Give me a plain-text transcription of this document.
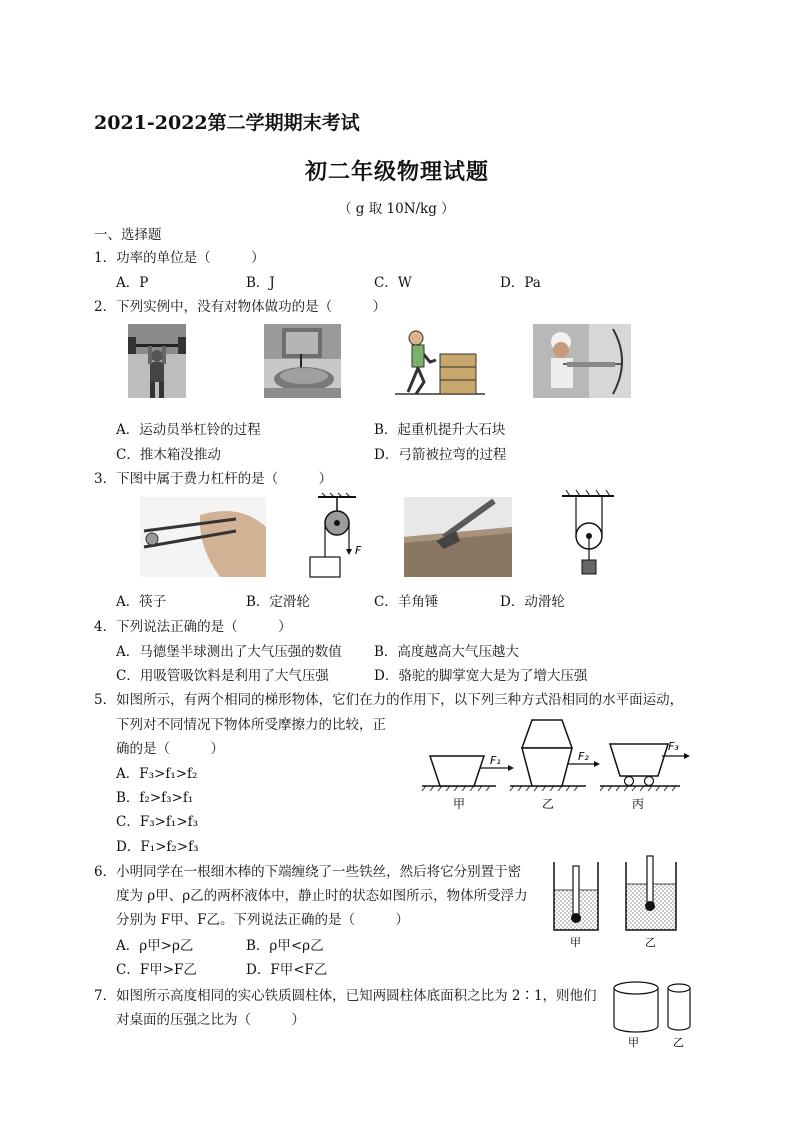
2021-2022第二学期期末考试
初二年级物理试题
（ g 取 10N/kg ）
一、选择题
1．功率的单位是（　　　）
A．P	B．J	C．W	D．Pa
2．下列实例中，没有对物体做功的是（　　　）
A．运动员举杠铃的过程	B．起重机提升大石块
C．推木箱没推动	D．弓箭被拉弯的过程
3．下图中属于费力杠杆的是（　　　）
F
A．筷子	B．定滑轮	C．羊角锤	D．动滑轮
4．下列说法正确的是（　　　）
A．马德堡半球测出了大气压强的数值 B．高度越高大气压越大
C．用吸管吸饮料是利用了大气压强	D．骆驼的脚掌宽大是为了增大压强
5．如图所示，有两个相同的梯形物体，它们在力的作用下，以下列三种方式沿相同的水平面运动，
下列对不同情况下物体所受摩擦力的比较，正
确的是（　　　）
A．F₃>f₁>f₂
B．f₂>f₃>f₁
C．F₃>f₁>f₃
D．F₁>f₂>f₃
F₁
甲
F₂
乙
F₃
丙
6．小明同学在一根细木棒的下端缠绕了一些铁丝，然后将它分别置于密
度为 ρ甲、ρ乙的两杯液体中，静止时的状态如图所示，物体所受浮力
分别为 F甲、F乙。下列说法正确的是（　　　）
A．ρ甲>ρ乙	B．ρ甲<ρ乙
C．F甲>F乙	D．F甲<F乙
甲	乙
7．如图所示高度相同的实心铁质圆柱体，已知两圆柱体底面积之比为 2∶1，则他们
对桌面的压强之比为（　　　）
甲	乙
